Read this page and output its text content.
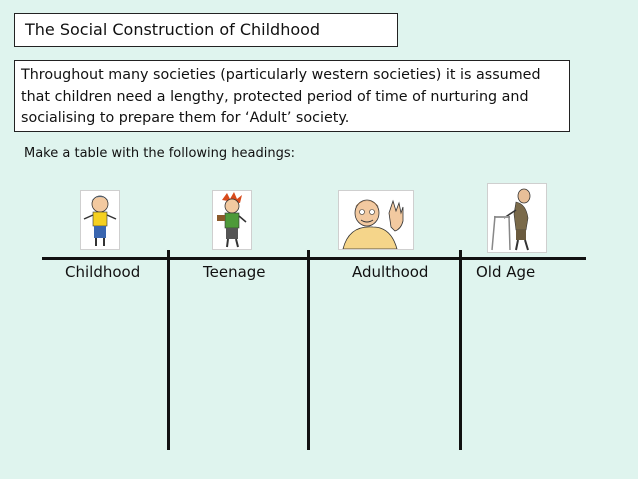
The Social Construction of Childhood
Throughout many societies (particularly western societies) it is assumed that children need a lengthy, protected period of time of nurturing and socialising to prepare them for ‘Adult’ society.
Make a table with the following headings:
Childhood	Teenage	Adulthood	Old Age
